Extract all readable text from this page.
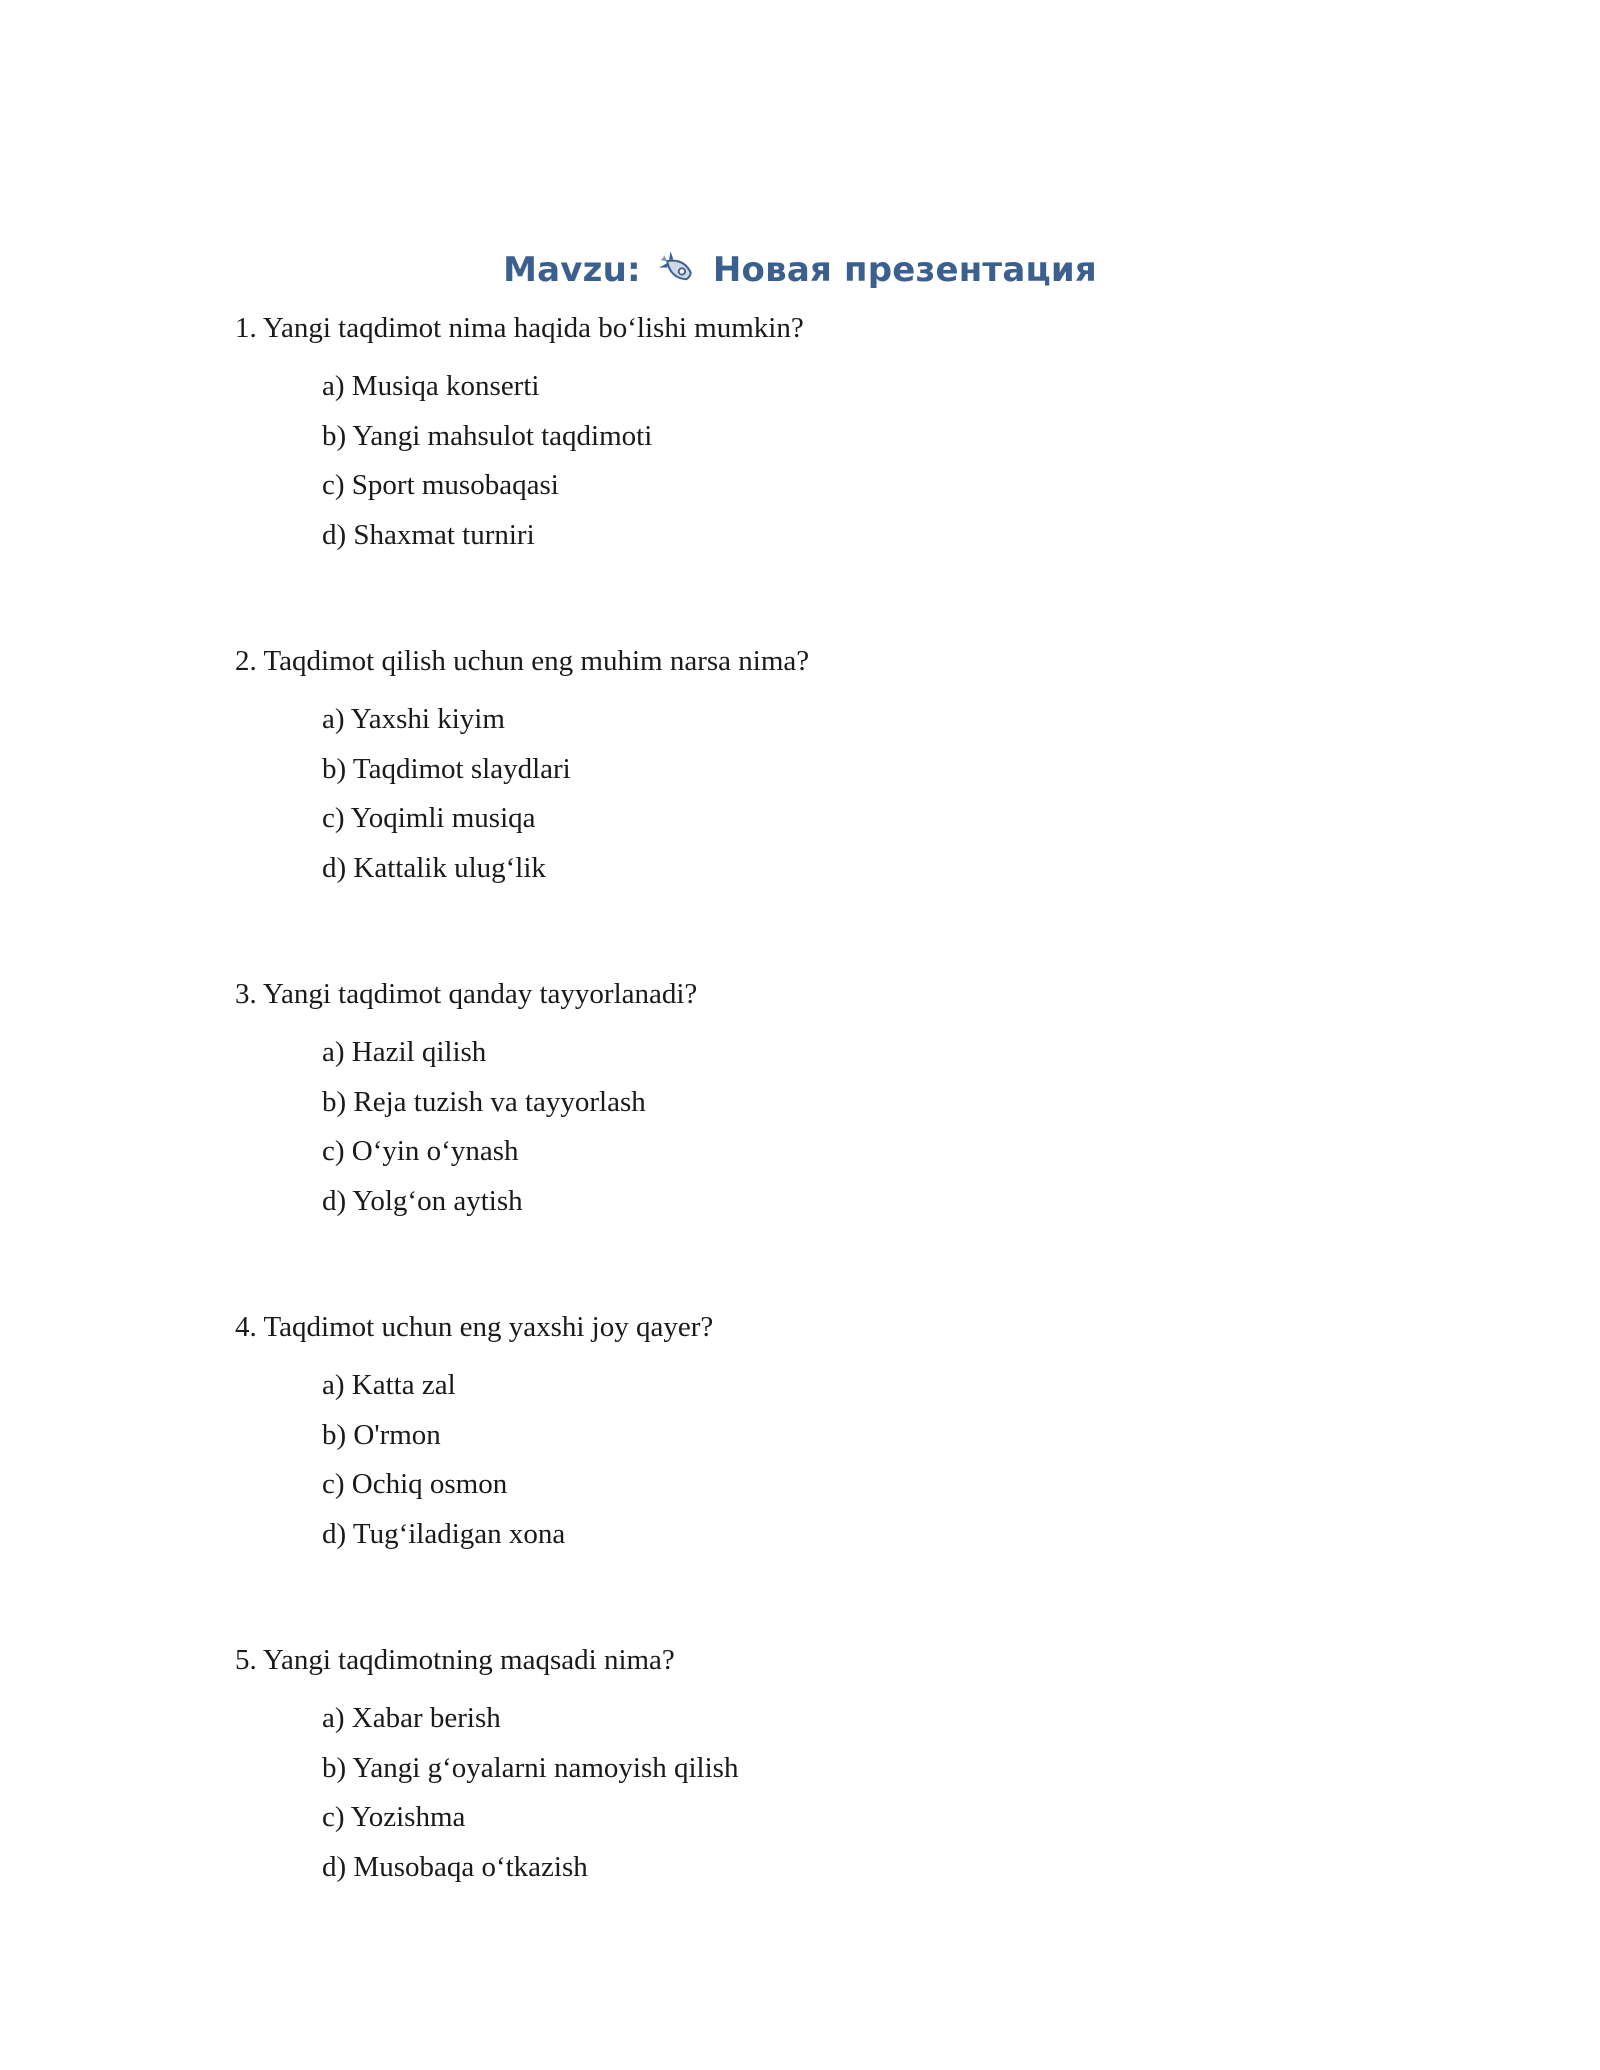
Mavzu: Новая презентация
1. Yangi taqdimot nima haqida bo‘lishi mumkin?
a) Musiqa konserti
b) Yangi mahsulot taqdimoti
c) Sport musobaqasi
d) Shaxmat turniri
2. Taqdimot qilish uchun eng muhim narsa nima?
a) Yaxshi kiyim
b) Taqdimot slaydlari
c) Yoqimli musiqa
d) Kattalik ulug‘lik
3. Yangi taqdimot qanday tayyorlanadi?
a) Hazil qilish
b) Reja tuzish va tayyorlash
c) O‘yin o‘ynash
d) Yolg‘on aytish
4. Taqdimot uchun eng yaxshi joy qayer?
a) Katta zal
b) O'rmon
c) Ochiq osmon
d) Tug‘iladigan xona
5. Yangi taqdimotning maqsadi nima?
a) Xabar berish
b) Yangi g‘oyalarni namoyish qilish
c) Yozishma
d) Musobaqa o‘tkazish
